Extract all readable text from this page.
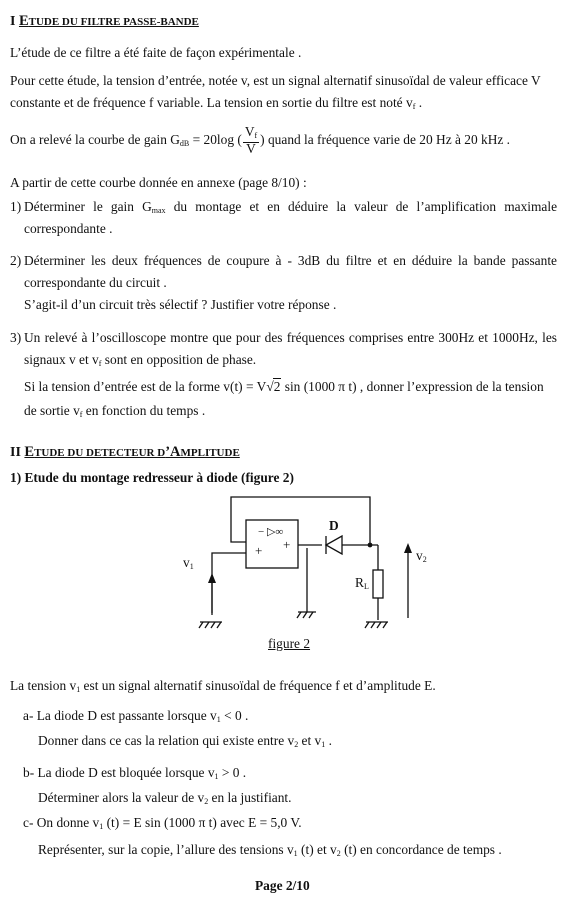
I ETUDE DU FILTRE PASSE-BANDE
L’étude de ce filtre a été faite de façon expérimentale .
Pour cette étude, la tension d’entrée, notée v, est un signal alternatif sinusoïdal de valeur efficace V
constante et de fréquence f variable. La tension en sortie du filtre est noté $v_f$ .
On a relevé la courbe de gain $G_{dB} = 20\log$ ( $\frac{V_f}{V}$ ) quand la fréquence varie de 20 Hz à 20 kHz .
A partir de cette courbe donnée en annexe (page 8/10) :
1) Déterminer le gain $G_{max}$ du montage et en déduire la valeur de l’amplification maximale
correspondante .
2) Déterminer les deux fréquences de coupure à - 3dB du filtre et en déduire la bande passante
correspondante du circuit .
S’agit-il d’un circuit très sélectif ? Justifier votre réponse .
3) Un relevé à l’oscilloscope montre que pour des fréquences comprises entre 300Hz et 1000Hz, les
signaux v et $v_f$ sont en opposition de phase.
Si la tension d’entrée est de la forme v(t) = V√2 sin (1000 π t) , donner l’expression de la tension
de sortie $v_f$ en fonction du temps .
II ETUDE DU DETECTEUR D’AMPLITUDE
1) Etude du montage redresseur à diode (figure 2)
D
− ▷∞
+ +
$v_1$
$v_2$
$R_L$
figure 2
La tension $v_1$ est un signal alternatif sinusoïdal de fréquence f et d’amplitude E.
a- La diode D est passante lorsque $v_1 < 0$ .
Donner dans ce cas la relation qui existe entre $v_2$ et $v_1$ .
b- La diode D est bloquée lorsque $v_1 > 0$ .
Déterminer alors la valeur de $v_2$ en la justifiant.
c- On donne $v_1$ (t) = E sin (1000 π t) avec E = 5,0 V.
Représenter, sur la copie, l’allure des tensions $v_1$ (t) et $v_2$ (t) en concordance de temps .
Page 2/10
